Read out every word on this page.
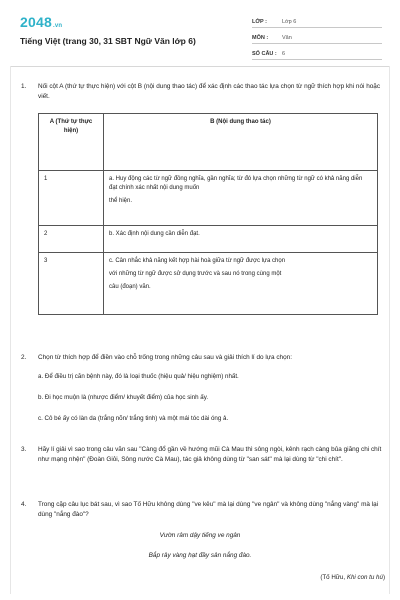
2048.vn
Tiếng Việt (trang 30, 31 SBT Ngữ Văn lớp 6)
LỚP :	Lớp 6
MÔN :	Văn
SỐ CÂU : 6
1.	Nối cột A (thứ tự thực hiện) với cột B (nội dung thao tác) để xác định các thao tác lựa chọn từ ngữ thích hợp khi nói hoặc viết.
A (Thứ tự thực hiện)	B (Nội dung thao tác)
1	a. Huy động các từ ngữ đồng nghĩa, gần nghĩa; từ đó lựa chọn những từ ngữ có khả năng diễn đạt chính xác nhất nội dung muốn
thể hiện.

2	b. Xác định nội dung cần diễn đạt.

3	c. Cân nhắc khả năng kết hợp hài hoà giữa từ ngữ được lựa chọn
với những từ ngữ được sử dụng trước và sau nó trong cùng một
câu (đoạn) văn.
2.	Chọn từ thích hợp để điền vào chỗ trống trong những câu sau và giải thích lí do lựa chọn:
a. Để điều trị căn bệnh này, đó là loại thuốc (hiệu quả/ hiệu nghiệm) nhất.
b. Đi học muộn là (nhược điểm/ khuyết điểm) của học sinh ấy.
c. Cô bé ấy có làn da (trắng nõn/ trắng tinh) và một mái tóc dài óng ả.
3.	Hãy lí giải vì sao trong câu văn sau "Càng đổ gần về hướng mũi Cà Mau thì sông ngòi, kênh rạch càng bủa giăng chi chít như mạng nhện" (Đoàn Giỏi, Sông nước Cà Mau), tác giả không dùng từ "san sát" mà lại dùng từ "chi chít".
4.	Trong cặp câu lục bát sau, vì sao Tố Hữu không dùng "ve kêu" mà lại dùng "ve ngân" và không dùng "nắng vàng" mà lại dùng "nắng đào"?
Vườn râm dậy tiếng ve ngân
Bắp rây vàng hạt đầy sân nắng đào.
(Tố Hữu, Khi con tu hú)
